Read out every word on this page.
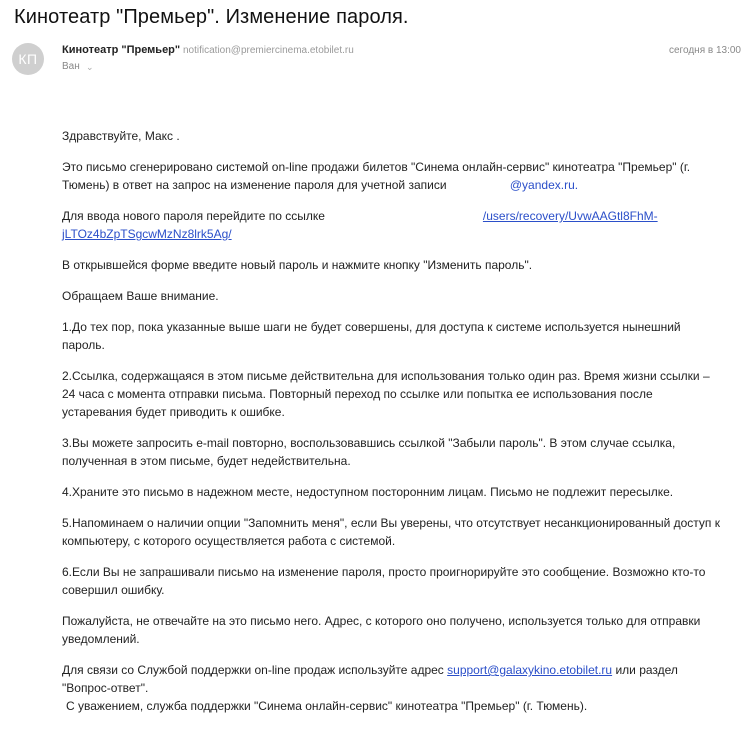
Кинотеатр "Премьер". Изменение пароля.
КП
Кинотеатр "Премьер" notification@premiercinema.etobilet.ru
Ван ⌄
сегодня в 13:00

Здравствуйте, Макс .

Это письмо сгенерировано системой on-line продажи билетов "Синема онлайн-сервис" кинотеатра "Премьер" (г. Тюмень) в ответ на запрос на изменение пароля для учетной записи	@yandex.ru.

Для ввода нового пароля перейдите по ссылке	/users/recovery/UvwAAGtl8FhM-
jLTOz4bZpTSgcwMzNz8lrk5Ag/

В открывшейся форме введите новый пароль и нажмите кнопку "Изменить пароль".

Обращаем Ваше внимание.

1.До тех пор, пока указанные выше шаги не будет совершены, для доступа к системе используется нынешний пароль.

2.Ссылка, содержащаяся в этом письме действительна для использования только один раз. Время жизни ссылки – 24 часа с момента отправки письма. Повторный переход по ссылке или попытка ее использования после устаревания будет приводить к ошибке.

3.Вы можете запросить e-mail повторно, воспользовавшись ссылкой "Забыли пароль". В этом случае ссылка, полученная в этом письме, будет недействительна.

4.Храните это письмо в надежном месте, недоступном посторонним лицам. Письмо не подлежит пересылке.

5.Напоминаем о наличии опции "Запомнить меня", если Вы уверены, что отсутствует несанкционированный доступ к компьютеру, с которого осуществляется работа с системой.

6.Если Вы не запрашивали письмо на изменение пароля, просто проигнорируйте это сообщение. Возможно кто-то совершил ошибку.

Пожалуйста, не отвечайте на это письмо него. Адрес, с которого оно получено, используется только для отправки уведомлений.

Для связи со Службой поддержки on-line продаж используйте адрес support@galaxykino.etobilet.ru или раздел "Вопрос-ответ".

С уважением, служба поддержки "Синема онлайн-сервис" кинотеатра "Премьер" (г. Тюмень).
